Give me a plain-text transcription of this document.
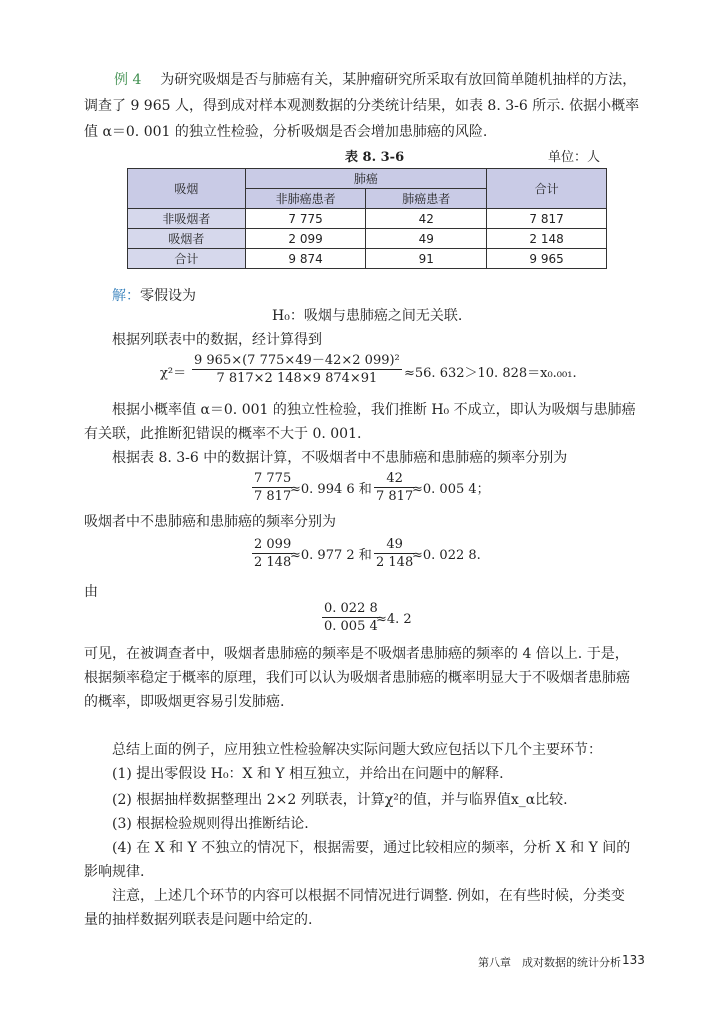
例 4 为研究吸烟是否与肺癌有关，某肿瘤研究所采取有放回简单随机抽样的方法，
调查了 9 965 人，得到成对样本观测数据的分类统计结果，如表 8. 3-6 所示. 依据小概率
值 α＝0. 001 的独立性检验，分析吸烟是否会增加患肺癌的风险.
表 8. 3-6	单位：人
吸烟	肺癌		合计
	非肺癌患者	肺癌患者	
非吸烟者	7 775	42	7 817
吸烟者	2 099	49	2 148
合计	9 874	91	9 965
解：零假设为
H₀：吸烟与患肺癌之间无关联.
根据列联表中的数据，经计算得到
$\chi^2= \frac{\text{9 965×(7 775×49－42×2 099)²}}{7 817\times 2 148\times 9 874\times 91} \approx 56$. 632＞10. 828＝x₀.₀₀₁.
根据小概率值 α＝0. 001 的独立性检验，我们推断 H₀ 不成立，即认为吸烟与患肺癌
有关联，此推断犯错误的概率不大于 0. 001.
根据表 8. 3-6 中的数据计算，不吸烟者中不患肺癌和患肺癌的频率分别为
$\frac{7 775}{7 817}$
≈0. 994 6 和 $\frac{42}{7 817}$
≈0. 005 4；
吸烟者中不患肺癌和患肺癌的频率分别为
$\frac{2 099}{2 148}$
≈0. 977 2 和 $\frac{49}{2 148}$
≈0. 022 8.
由
$\frac{0. 022 8}{0. 005 4}$
≈4. 2
可见，在被调查者中，吸烟者患肺癌的频率是不吸烟者患肺癌的频率的 4 倍以上. 于是，
根据频率稳定于概率的原理，我们可以认为吸烟者患肺癌的概率明显大于不吸烟者患肺癌
的概率，即吸烟更容易引发肺癌.
总结上面的例子，应用独立性检验解决实际问题大致应包括以下几个主要环节：
(1) 提出零假设 H₀：X 和 Y 相互独立，并给出在问题中的解释.
(2) 根据抽样数据整理出 2×2 列联表，计算χ²的值，并与临界值x_α比较.
(3) 根据检验规则得出推断结论.
(4) 在 X 和 Y 不独立的情况下，根据需要，通过比较相应的频率，分析 X 和 Y 间的
影响规律.
注意，上述几个环节的内容可以根据不同情况进行调整. 例如，在有些时候，分类变
量的抽样数据列联表是问题中给定的.
第八章　成对数据的统计分析 133
